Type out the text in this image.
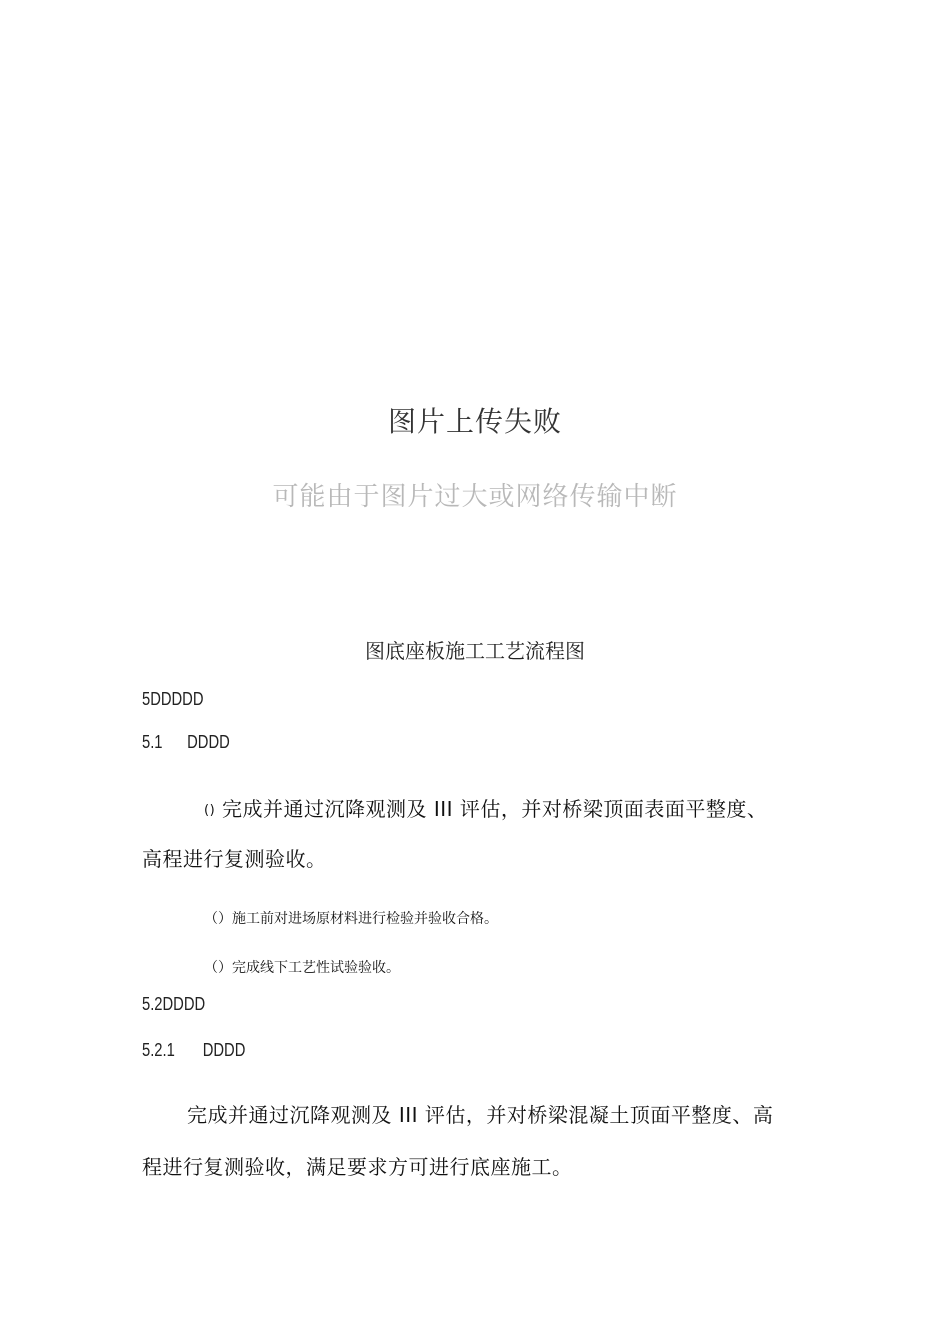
图片上传失败
可能由于图片过大或网络传输中断
图底座板施工工艺流程图
5DDDDD
5.1 DDDD
() 完成并通过沉降观测及 III 评估，并对桥梁顶面表面平整度、
高程进行复测验收。
（）施工前对进场原材料进行检验并验收合格。
（）完成线下工艺性试验验收。
5.2DDDD
5.2.1 DDDD
完成并通过沉降观测及 III 评估，并对桥梁混凝土顶面平整度、高
程进行复测验收，满足要求方可进行底座施工。
